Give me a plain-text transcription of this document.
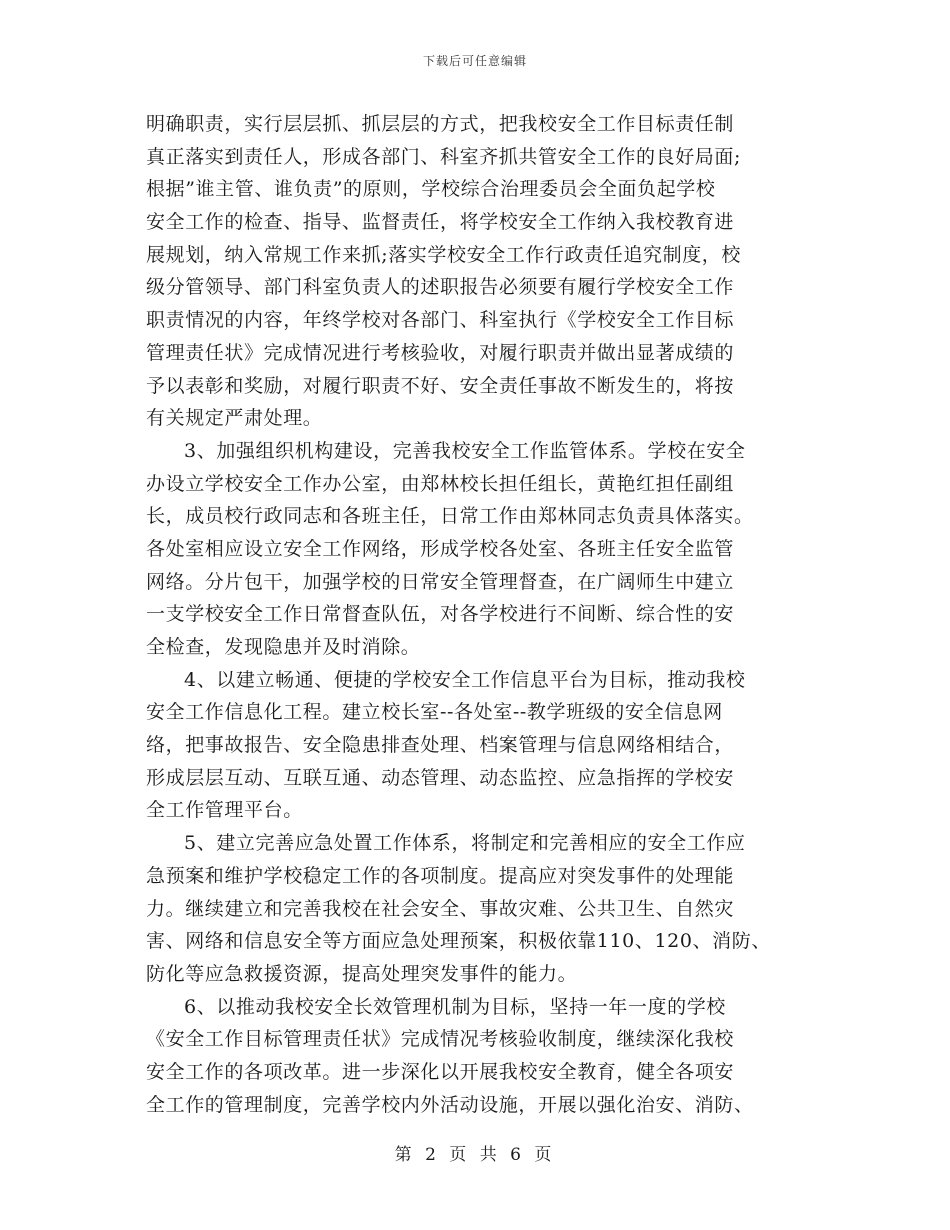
下载后可任意编辑
明确职责，实行层层抓、抓层层的方式，把我校安全工作目标责任制
真正落实到责任人，形成各部门、科室齐抓共管安全工作的良好局面;
根据”谁主管、谁负责”的原则，学校综合治理委员会全面负起学校
安全工作的检查、指导、监督责任，将学校安全工作纳入我校教育进
展规划，纳入常规工作来抓;落实学校安全工作行政责任追究制度，校
级分管领导、部门科室负责人的述职报告必须要有履行学校安全工作
职责情况的内容，年终学校对各部门、科室执行《学校安全工作目标
管理责任状》完成情况进行考核验收，对履行职责并做出显著成绩的
予以表彰和奖励，对履行职责不好、安全责任事故不断发生的，将按
有关规定严肃处理。
3、加强组织机构建设，完善我校安全工作监管体系。学校在安全
办设立学校安全工作办公室，由郑林校长担任组长，黄艳红担任副组
长，成员校行政同志和各班主任，日常工作由郑林同志负责具体落实。
各处室相应设立安全工作网络，形成学校各处室、各班主任安全监管
网络。分片包干，加强学校的日常安全管理督查，在广阔师生中建立
一支学校安全工作日常督查队伍，对各学校进行不间断、综合性的安
全检查，发现隐患并及时消除。
4、以建立畅通、便捷的学校安全工作信息平台为目标，推动我校
安全工作信息化工程。建立校长室--各处室--教学班级的安全信息网
络，把事故报告、安全隐患排查处理、档案管理与信息网络相结合，
形成层层互动、互联互通、动态管理、动态监控、应急指挥的学校安
全工作管理平台。
5、建立完善应急处置工作体系，将制定和完善相应的安全工作应
急预案和维护学校稳定工作的各项制度。提高应对突发事件的处理能
力。继续建立和完善我校在社会安全、事故灾难、公共卫生、自然灾
害、网络和信息安全等方面应急处理预案，积极依靠110、120、消防、
防化等应急救援资源，提高处理突发事件的能力。
6、以推动我校安全长效管理机制为目标，坚持一年一度的学校
《安全工作目标管理责任状》完成情况考核验收制度，继续深化我校
安全工作的各项改革。进一步深化以开展我校安全教育，健全各项安
全工作的管理制度，完善学校内外活动设施，开展以强化治安、消防、
第 2 页 共 6 页
